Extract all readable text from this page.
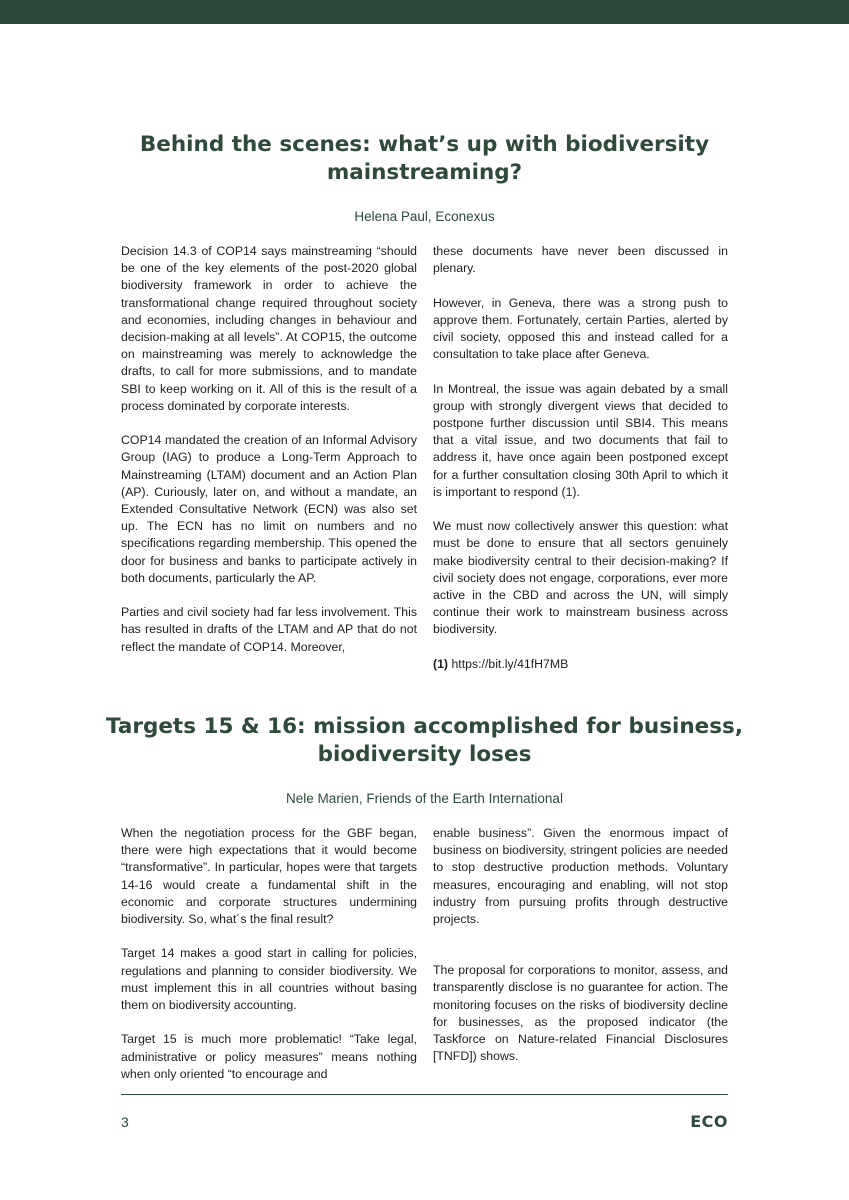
Behind the scenes: what’s up with biodiversity
mainstreaming?

Helena Paul, Econexus

Decision 14.3 of COP14 says mainstreaming “should be one of the key elements of the post-2020 global biodiversity framework in order to achieve the transformational change required throughout society and economies, including changes in behaviour and decision-making at all levels”. At COP15, the outcome on mainstreaming was merely to acknowledge the drafts, to call for more submissions, and to mandate SBI to keep working on it. All of this is the result of a process dominated by corporate interests.

COP14 mandated the creation of an Informal Advisory Group (IAG) to produce a Long-Term Approach to Mainstreaming (LTAM) document and an Action Plan (AP). Curiously, later on, and without a mandate, an Extended Consultative Network (ECN) was also set up. The ECN has no limit on numbers and no specifications regarding membership. This opened the door for business and banks to participate actively in both documents, particularly the AP.

Parties and civil society had far less involvement. This has resulted in drafts of the LTAM and AP that do not reflect the mandate of COP14. Moreover,

these documents have never been discussed in plenary.

However, in Geneva, there was a strong push to approve them. Fortunately, certain Parties, alerted by civil society, opposed this and instead called for a consultation to take place after Geneva.

In Montreal, the issue was again debated by a small group with strongly divergent views that decided to postpone further discussion until SBI4. This means that a vital issue, and two documents that fail to address it, have once again been postponed except for a further consultation closing 30th April to which it is important to respond (1).

We must now collectively answer this question: what must be done to ensure that all sectors genuinely make biodiversity central to their decision-making? If civil society does not engage, corporations, ever more active in the CBD and across the UN, will simply continue their work to mainstream business across biodiversity.

(1) https://bit.ly/41fH7MB

Targets 15 & 16: mission accomplished for business,
biodiversity loses

Nele Marien, Friends of the Earth International

When the negotiation process for the GBF began, there were high expectations that it would become “transformative”. In particular, hopes were that targets 14-16 would create a fundamental shift in the economic and corporate structures undermining biodiversity. So, what´s the final result?

Target 14 makes a good start in calling for policies, regulations and planning to consider biodiversity. We must implement this in all countries without basing them on biodiversity accounting.

Target 15 is much more problematic! “Take legal, administrative or policy measures” means nothing when only oriented “to encourage and

enable business”. Given the enormous impact of business on biodiversity, stringent policies are needed to stop destructive production methods. Voluntary measures, encouraging and enabling, will not stop industry from pursuing profits through destructive projects.

The proposal for corporations to monitor, assess, and transparently disclose is no guarantee for action. The monitoring focuses on the risks of biodiversity decline for businesses, as the proposed indicator (the Taskforce on Nature-related Financial Disclosures [TNFD]) shows.

3	ECO
